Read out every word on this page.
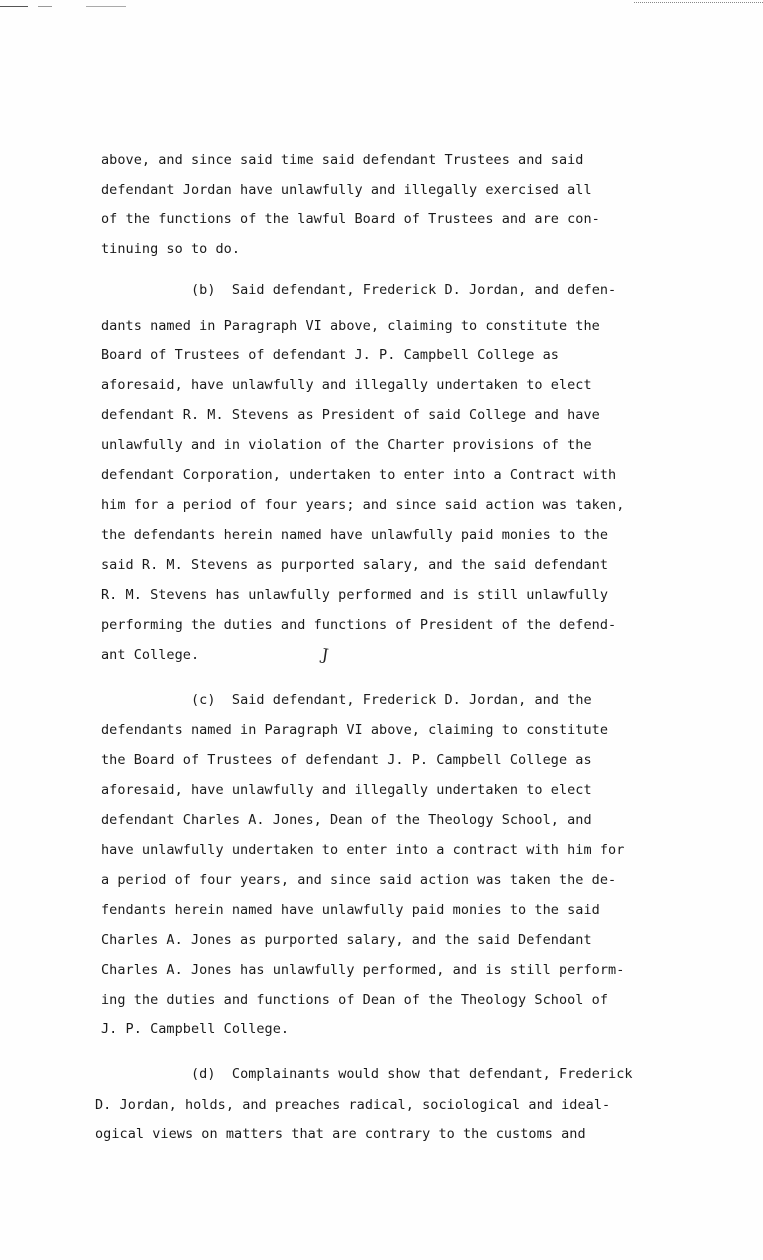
above, and since said time said defendant Trustees and said

defendant Jordan have unlawfully and illegally exercised all

of the functions of the lawful Board of Trustees and are con-

tinuing so to do.

(b)  Said defendant, Frederick D. Jordan, and defen-

dants named in Paragraph VI above, claiming to constitute the

Board of Trustees of defendant J. P. Campbell College as

aforesaid, have unlawfully and illegally undertaken to elect

defendant R. M. Stevens as President of said College and have

unlawfully and in violation of the Charter provisions of the

defendant Corporation, undertaken to enter into a Contract with

him for a period of four years; and since said action was taken,

the defendants herein named have unlawfully paid monies to the

said R. M. Stevens as purported salary, and the said defendant

R. M. Stevens has unlawfully performed and is still unlawfully

performing the duties and functions of President of the defend-

ant College.	J

(c)  Said defendant, Frederick D. Jordan, and the

defendants named in Paragraph VI above, claiming to constitute

the Board of Trustees of defendant J. P. Campbell College as

aforesaid, have unlawfully and illegally undertaken to elect

defendant Charles A. Jones, Dean of the Theology School, and

have unlawfully undertaken to enter into a contract with him for

a period of four years, and since said action was taken the de-

fendants herein named have unlawfully paid monies to the said

Charles A. Jones as purported salary, and the said Defendant

Charles A. Jones has unlawfully performed, and is still perform-

ing the duties and functions of Dean of the Theology School of

J. P. Campbell College.

(d)  Complainants would show that defendant, Frederick

D. Jordan, holds, and preaches radical, sociological and ideal-

ogical views on matters that are contrary to the customs and
